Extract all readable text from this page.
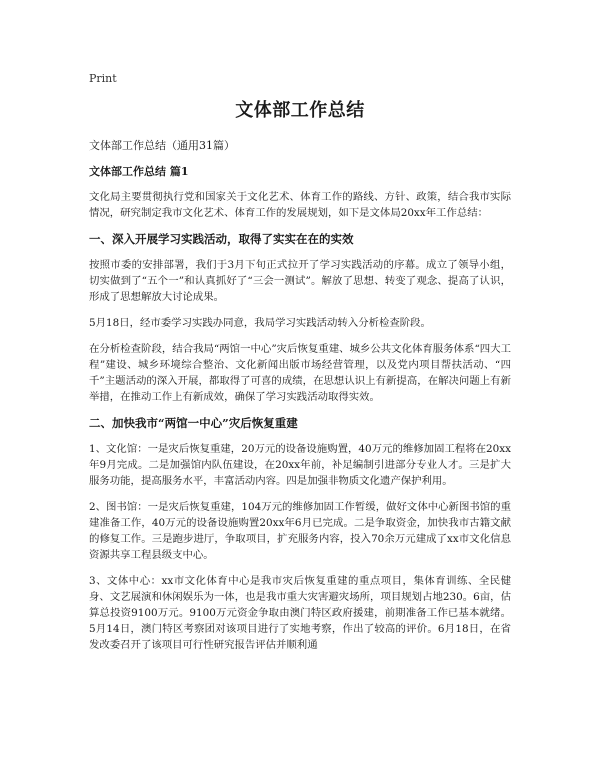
Print
文体部工作总结
文体部工作总结（通用31篇）
文体部工作总结 篇1

文化局主要贯彻执行党和国家关于文化艺术、体育工作的路线、方针、政策，结合我市实际情况，研究制定我市文化艺术、体育工作的发展规划，如下是文体局20xx年工作总结：

一、深入开展学习实践活动，取得了实实在在的实效

按照市委的安排部署，我们于3月下旬正式拉开了学习实践活动的序幕。成立了领导小组，切实做到了“五个一”和认真抓好了“三会一测试”。解放了思想、转变了观念、提高了认识，形成了思想解放大讨论成果。

5月18日，经市委学习实践办同意，我局学习实践活动转入分析检查阶段。

在分析检查阶段，结合我局“两馆一中心”灾后恢复重建、城乡公共文化体育服务体系“四大工程”建设、城乡环境综合整治、文化新闻出版市场经营管理，以及党内项目帮扶活动、“四千”主题活动的深入开展，都取得了可喜的成绩，在思想认识上有新提高，在解决问题上有新举措，在推动工作上有新成效，确保了学习实践活动取得实效。

二、加快我市“两馆一中心”灾后恢复重建

1、文化馆：一是灾后恢复重建，20万元的设备设施购置，40万元的维修加固工程将在20xx年9月完成。二是加强馆内队伍建设，在20xx年前，补足编制引进部分专业人才。三是扩大服务功能，提高服务水平，丰富活动内容。四是加强非物质文化遗产保护利用。

2、图书馆：一是灾后恢复重建，104万元的维修加固工作暂缓，做好文体中心新图书馆的重建准备工作，40万元的设备设施购置20xx年6月已完成。二是争取资金，加快我市古籍文献的修复工作。三是跑步进厅，争取项目，扩充服务内容，投入70余万元建成了xx市文化信息资源共享工程县级支中心。

3、文体中心：xx市文化体育中心是我市灾后恢复重建的重点项目，集体育训练、全民健身、文艺展演和休闲娱乐为一体，也是我市重大灾害避灾场所，项目规划占地230。6亩，估算总投资9100万元。9100万元资金争取由澳门特区政府援建，前期准备工作已基本就绪。5月14日，澳门特区考察团对该项目进行了实地考察，作出了较高的评价。6月18日，在省发改委召开了该项目可行性研究报告评估并顺利通
